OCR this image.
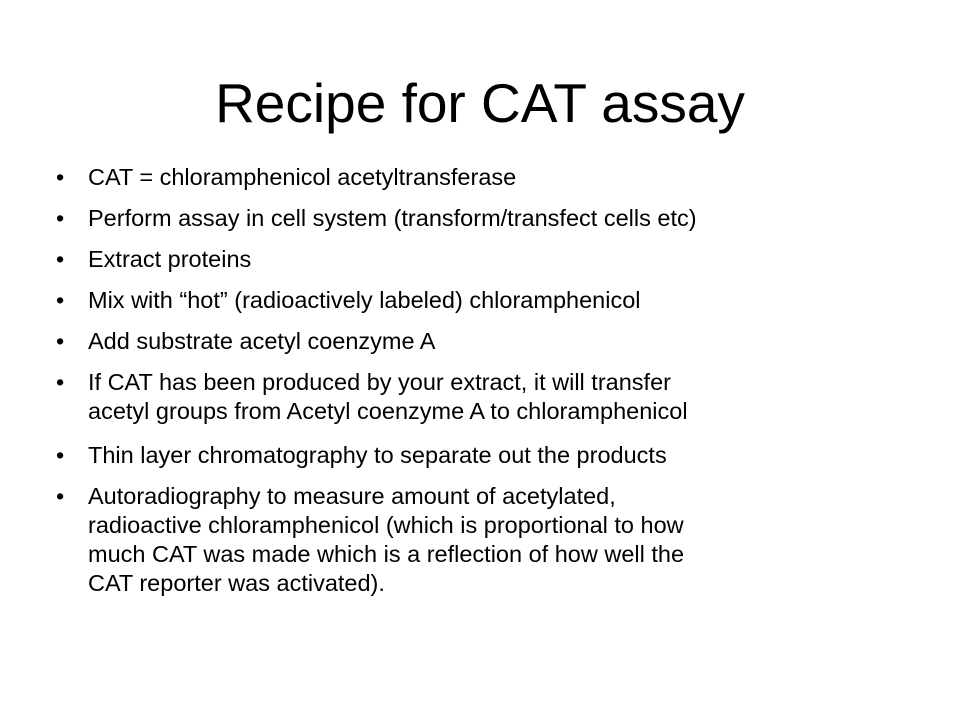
Recipe for CAT assay
•	CAT = chloramphenicol acetyltransferase
•	Perform assay in cell system (transform/transfect cells etc)
•	Extract proteins
•	Mix with “hot” (radioactively labeled) chloramphenicol
•	Add substrate acetyl coenzyme A
•	If CAT has been produced by your extract, it will transfer
acetyl groups from Acetyl coenzyme A to chloramphenicol
•	Thin layer chromatography to separate out the products
•	Autoradiography to measure amount of acetylated,
radioactive chloramphenicol (which is proportional to how
much CAT was made which is a reflection of how well the
CAT reporter was activated).
